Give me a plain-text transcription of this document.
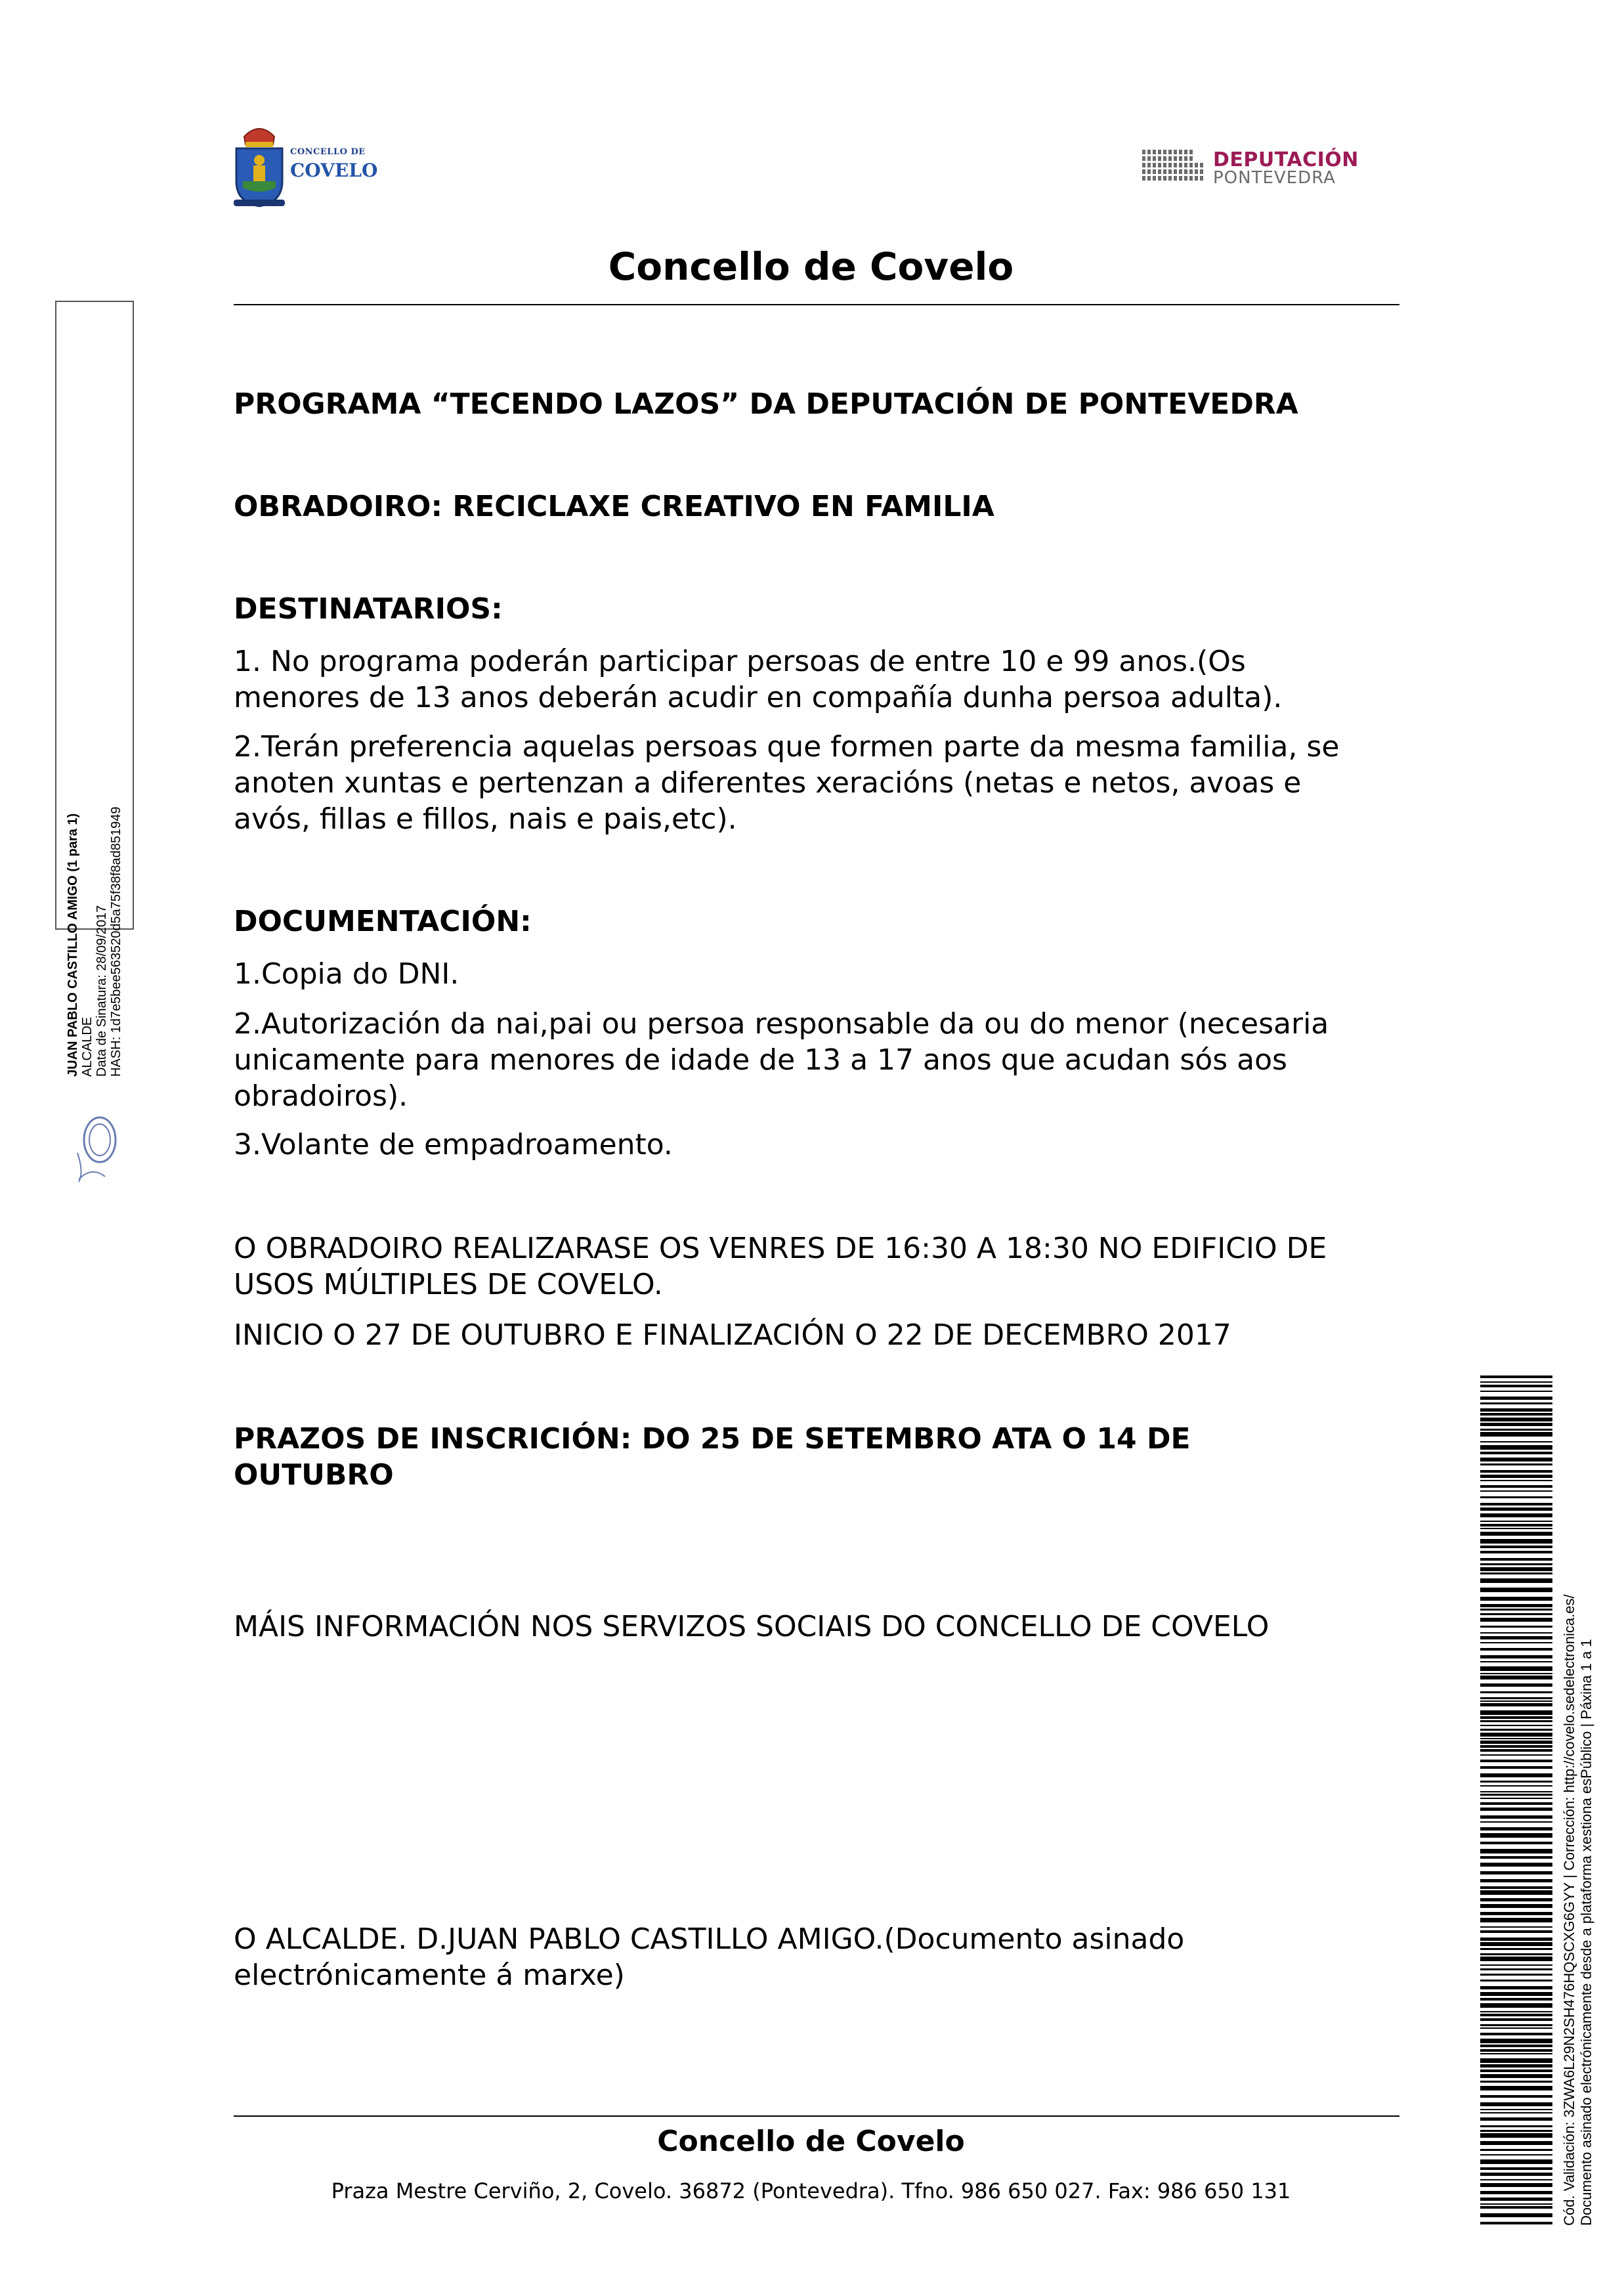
CONCELLO DE
COVELO	DEPUTACIÓN
PONTEVEDRA
Concello de Covelo
PROGRAMA “TECENDO LAZOS” DA DEPUTACIÓN DE PONTEVEDRA
OBRADOIRO: RECICLAXE CREATIVO EN FAMILIA
DESTINATARIOS:
1. No programa poderán participar persoas de entre 10 e 99 anos.(Os
menores de 13 anos deberán acudir en compañía dunha persoa adulta).
2.Terán preferencia aquelas persoas que formen parte da mesma familia, se
anoten xuntas e pertenzan a diferentes xeracións (netas e netos, avoas e
avós, fillas e fillos, nais e pais,etc).
DOCUMENTACIÓN:
1.Copia do DNI.
2.Autorización da nai,pai ou persoa responsable da ou do menor (necesaria
unicamente para menores de idade de 13 a 17 anos que acudan sós aos
obradoiros).
3.Volante de empadroamento.
O OBRADOIRO REALIZARASE OS VENRES DE 16:30 A 18:30 NO EDIFICIO DE
USOS MÚLTIPLES DE COVELO.
INICIO O 27 DE OUTUBRO E FINALIZACIÓN O 22 DE DECEMBRO 2017
PRAZOS DE INSCRICIÓN: DO 25 DE SETEMBRO ATA O 14 DE
OUTUBRO
MÁIS INFORMACIÓN NOS SERVIZOS SOCIAIS DO CONCELLO DE COVELO
O ALCALDE. D.JUAN PABLO CASTILLO AMIGO.(Documento asinado
electrónicamente á marxe)
Concello de Covelo
Praza Mestre Cerviño, 2, Covelo. 36872 (Pontevedra). Tfno. 986 650 027. Fax: 986 650 131
JUAN PABLO CASTILLO AMIGO (1 para 1) ALCALDE Data de Sinatura: 28/09/2017 HASH: 1d7e5bee563520d5a75f38f8ad851949
Cód. Validación: 3ZWA6L29N2SH476HQSCXG6GYY | Corrección: http://covelo.sedelectronica.es/ Documento asinado electrónicamente desde a plataforma xestiona esPúblico | Páxina 1 a 1
